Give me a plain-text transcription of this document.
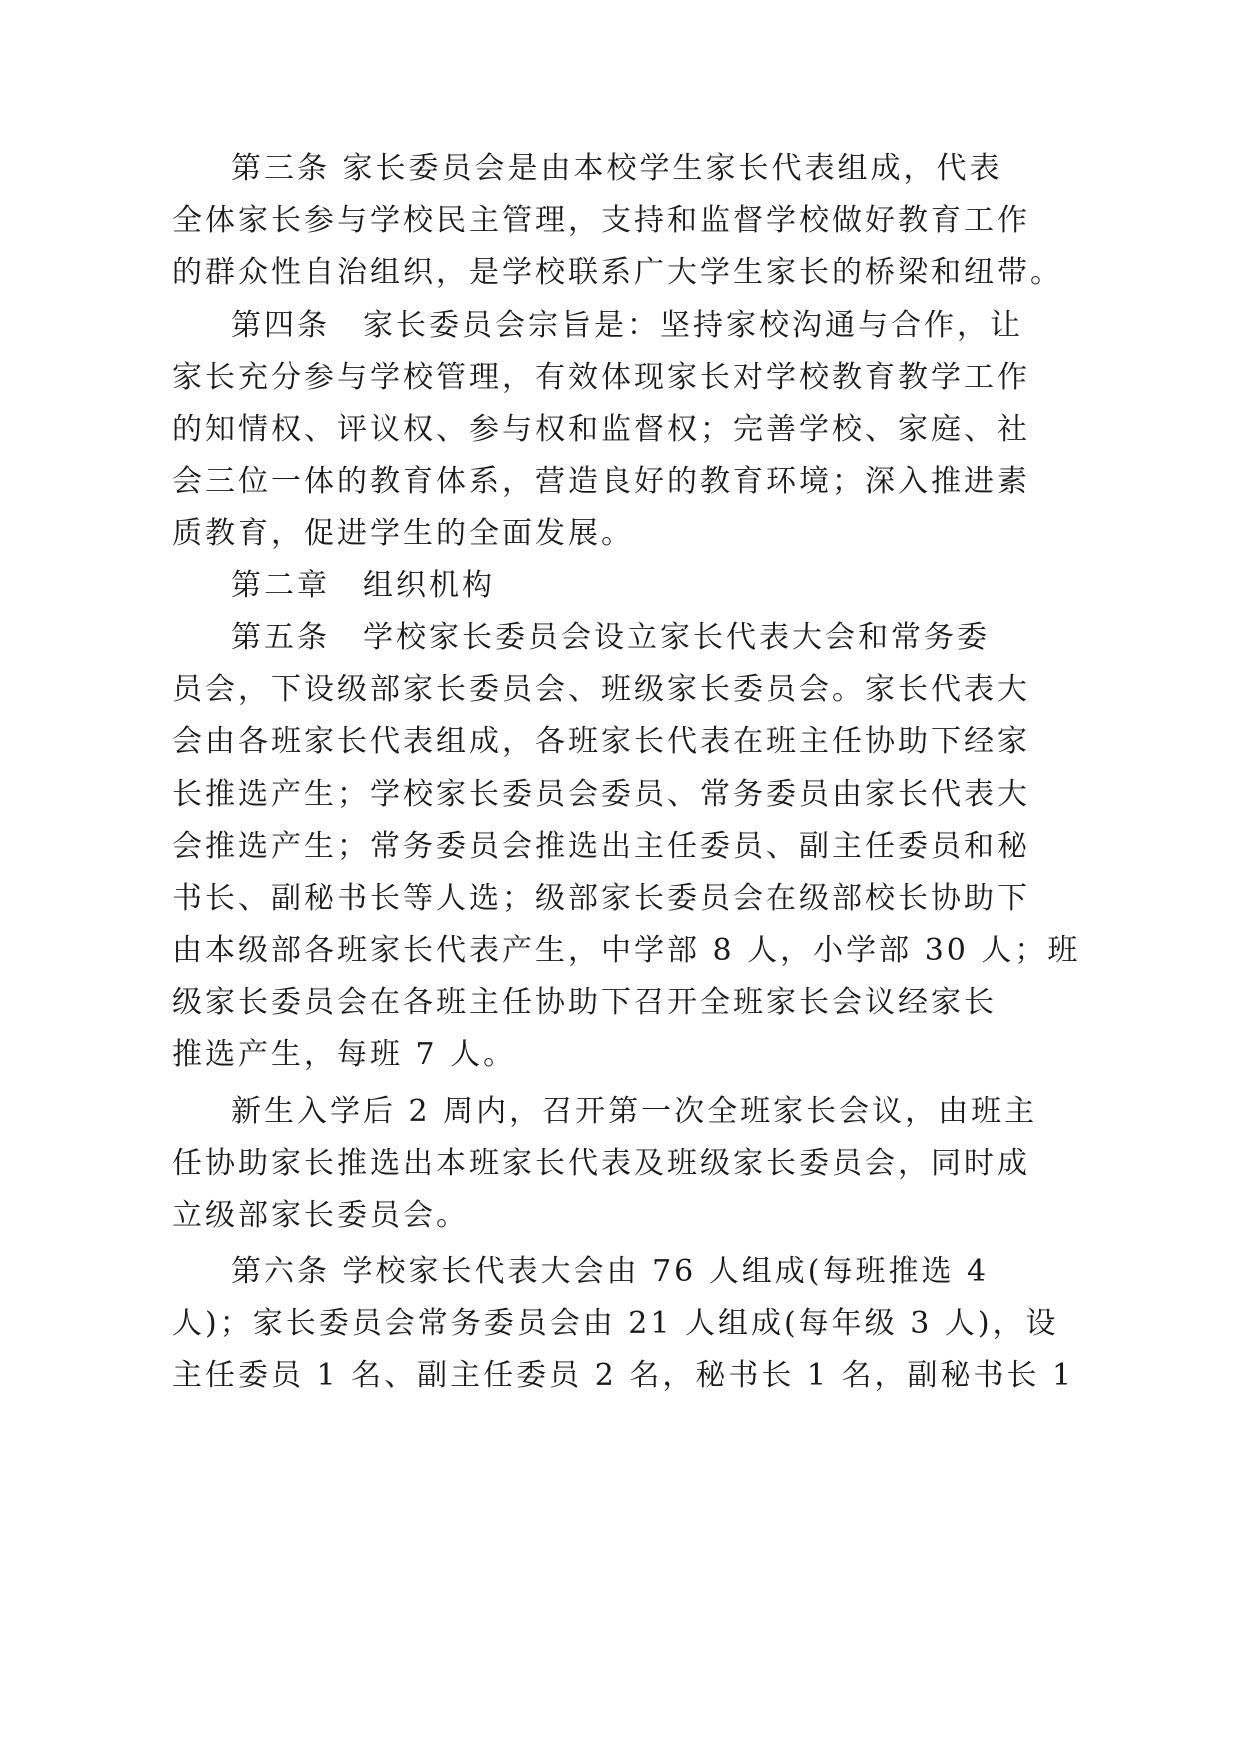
第三条 家长委员会是由本校学生家长代表组成，代表

全体家长参与学校民主管理，支持和监督学校做好教育工作

的群众性自治组织，是学校联系广大学生家长的桥梁和纽带。

第四条　家长委员会宗旨是：坚持家校沟通与合作，让

家长充分参与学校管理，有效体现家长对学校教育教学工作

的知情权、评议权、参与权和监督权；完善学校、家庭、社

会三位一体的教育体系，营造良好的教育环境；深入推进素

质教育，促进学生的全面发展。

第二章　组织机构

第五条　学校家长委员会设立家长代表大会和常务委

员会，下设级部家长委员会、班级家长委员会。家长代表大

会由各班家长代表组成，各班家长代表在班主任协助下经家

长推选产生；学校家长委员会委员、常务委员由家长代表大

会推选产生；常务委员会推选出主任委员、副主任委员和秘

书长、副秘书长等人选；级部家长委员会在级部校长协助下

由本级部各班家长代表产生，中学部 8 人，小学部 30 人；班

级家长委员会在各班主任协助下召开全班家长会议经家长

推选产生，每班 7 人。

新生入学后 2 周内，召开第一次全班家长会议，由班主

任协助家长推选出本班家长代表及班级家长委员会，同时成

立级部家长委员会。

第六条 学校家长代表大会由 76 人组成(每班推选 4

人)；家长委员会常务委员会由 21 人组成(每年级 3 人)，设

主任委员 1 名、副主任委员 2 名，秘书长 1 名，副秘书长 1
